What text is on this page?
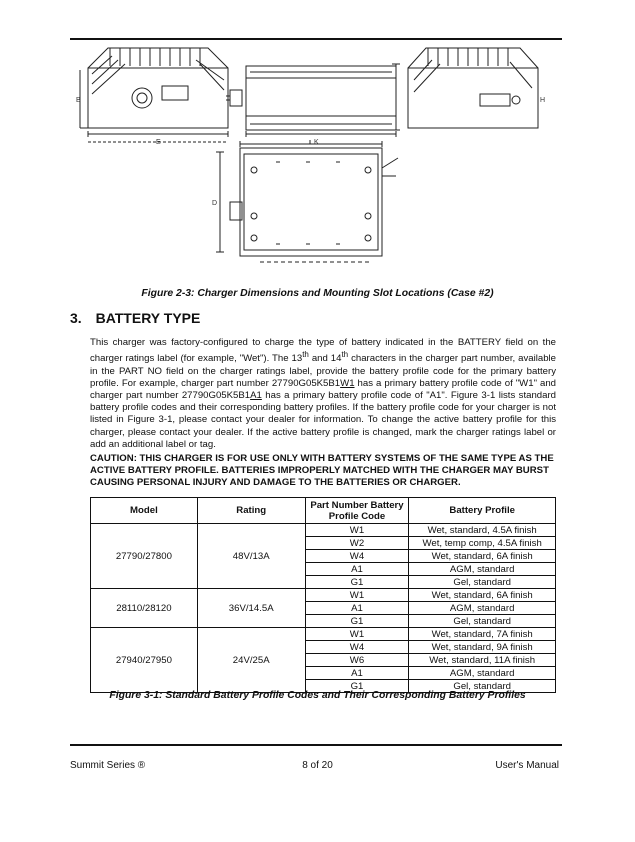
B
E	K
H
D
Figure 2-3: Charger Dimensions and Mounting Slot Locations (Case #2)
3. BATTERY TYPE

This charger was factory-configured to charge the type of battery indicated in the BATTERY field on the charger ratings label (for example, "Wet"). The 13th and 14th characters in the charger part number, available in the PART NO field on the charger ratings label, provide the battery profile code for the primary battery profile. For example, charger part number 27790G05K5B1W1 has a primary battery profile code of "W1" and charger part number 27790G05K5B1A1 has a primary battery profile code of "A1". Figure 3-1 lists standard battery profile codes and their corresponding battery profiles. If the battery profile code for your charger is not listed in Figure 3-1, please contact your dealer for information. To change the active battery profile for this charger, please contact your dealer. If the active battery profile is changed, mark the charger ratings label or add an additional label or tag.

CAUTION: THIS CHARGER IS FOR USE ONLY WITH BATTERY SYSTEMS OF THE SAME TYPE AS THE ACTIVE BATTERY PROFILE. BATTERIES IMPROPERLY MATCHED WITH THE CHARGER MAY BURST CAUSING PERSONAL INJURY AND DAMAGE TO THE BATTERIES OR CHARGER.

Model	Rating	Part Number Battery Profile Code	Battery Profile
27790/27800	48V/13A	W1	Wet, standard, 4.5A finish
		W2	Wet, temp comp, 4.5A finish
		W4	Wet, standard, 6A finish
		A1	AGM, standard
		G1	Gel, standard
28110/28120	36V/14.5A	W1	Wet, standard, 6A finish
		A1	AGM, standard
		G1	Gel, standard
27940/27950	24V/25A	W1	Wet, standard, 7A finish
		W4	Wet, standard, 9A finish
		W6	Wet, standard, 11A finish
		A1	AGM, standard
		G1	Gel, standard
Figure 3-1: Standard Battery Profile Codes and Their Corresponding Battery Profiles
Summit Series ®	8 of 20	User's Manual
